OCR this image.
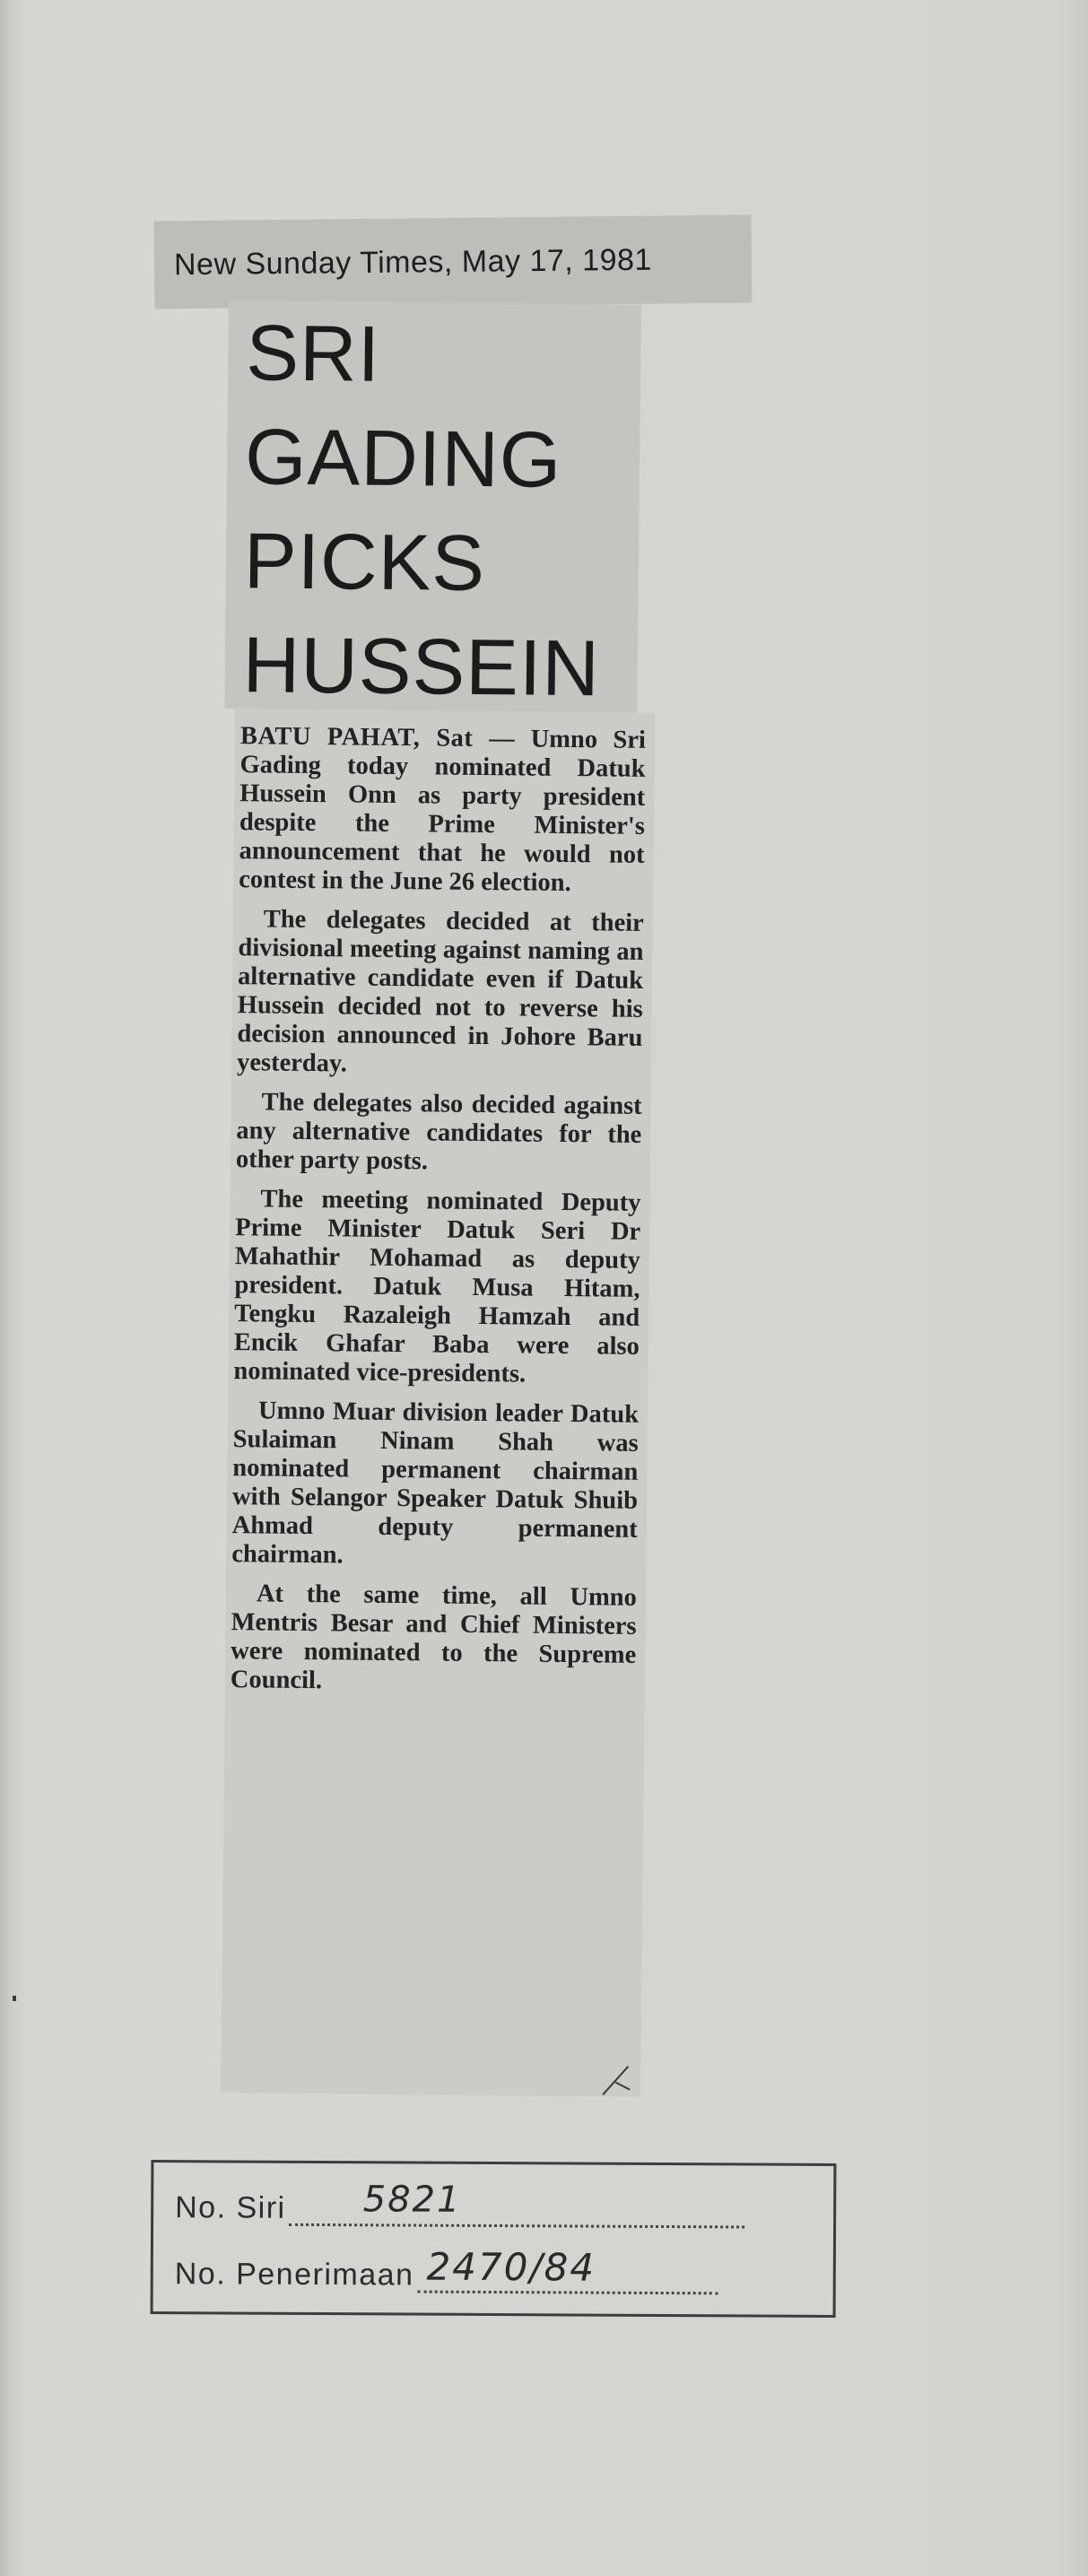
New Sunday Times, May 17, 1981
SRI
GADING
PICKS
HUSSEIN

BATU PAHAT, Sat — Umno Sri Gading today nominated Datuk Hussein Onn as party president despite the Prime Minister's announcement that he would not contest in the June 26 election.

The delegates decided at their divisional meeting against naming an alternative candidate even if Datuk Hussein decided not to reverse his decision announced in Johore Baru yesterday.

The delegates also decided against any alternative candidates for the other party posts.

The meeting nominated Deputy Prime Minister Datuk Seri Dr Mahathir Mohamad as deputy president. Datuk Musa Hitam, Tengku Razaleigh Hamzah and Encik Ghafar Baba were also nominated vice-presidents.

Umno Muar division leader Datuk Sulaiman Ninam Shah was nominated permanent chairman with Selangor Speaker Datuk Shuib Ahmad deputy permanent chairman.

At the same time, all Umno Mentris Besar and Chief Ministers were nominated to the Supreme Council.

No. Siri 5821
No. Penerimaan 2470/84
